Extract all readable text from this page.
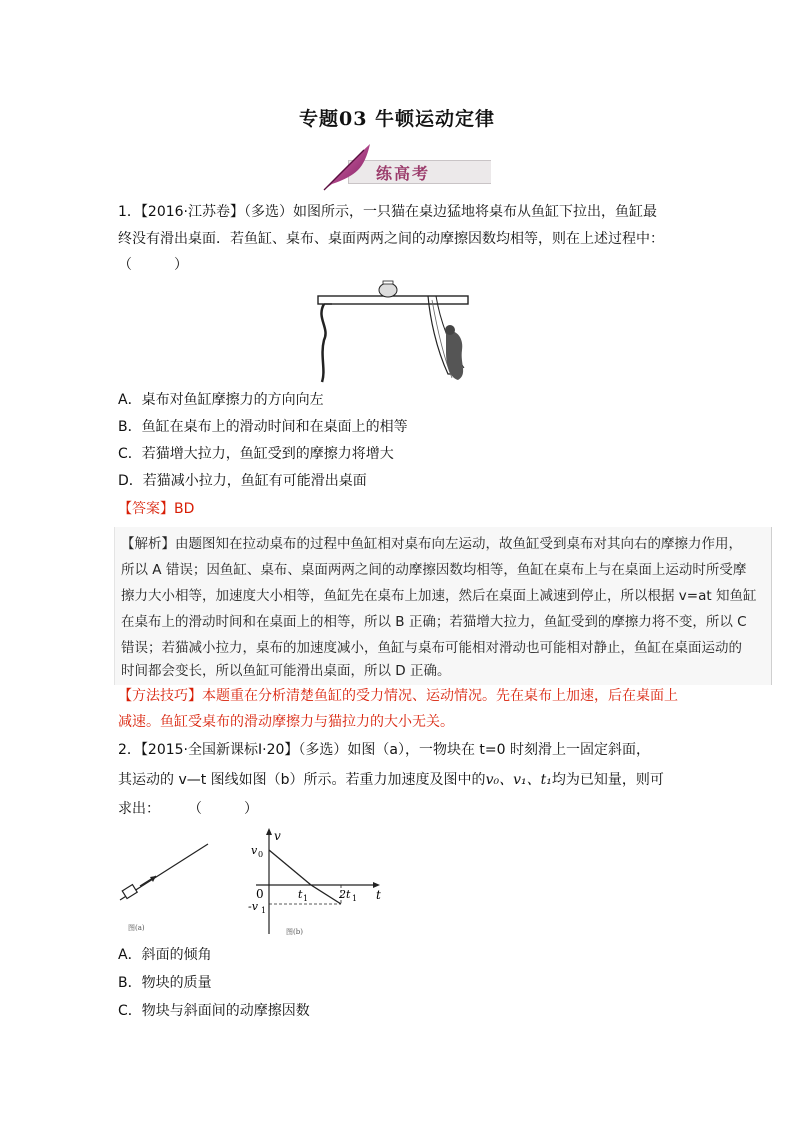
专题03 牛顿运动定律
练高考
1．【2016·江苏卷】（多选）如图所示，一只猫在桌边猛地将桌布从鱼缸下拉出，鱼缸最
终没有滑出桌面．若鱼缸、桌布、桌面两两之间的动摩擦因数均相等，则在上述过程中：
（　　　）
A．桌布对鱼缸摩擦力的方向向左
B．鱼缸在桌布上的滑动时间和在桌面上的相等
C．若猫增大拉力，鱼缸受到的摩擦力将增大
D．若猫减小拉力，鱼缸有可能滑出桌面
【答案】BD
【解析】由题图知在拉动桌布的过程中鱼缸相对桌布向左运动，故鱼缸受到桌布对其向右的摩擦力作用，
所以 A 错误；因鱼缸、桌布、桌面两两之间的动摩擦因数均相等，鱼缸在桌布上与在桌面上运动时所受摩
擦力大小相等，加速度大小相等，鱼缸先在桌布上加速，然后在桌面上减速到停止，所以根据 v=at 知鱼缸
在桌布上的滑动时间和在桌面上的相等，所以 B 正确；若猫增大拉力，鱼缸受到的摩擦力将不变，所以 C
错误；若猫减小拉力，桌布的加速度减小，鱼缸与桌布可能相对滑动也可能相对静止，鱼缸在桌面运动的
时间都会变长，所以鱼缸可能滑出桌面，所以 D 正确。
【方法技巧】本题重在分析清楚鱼缸的受力情况、运动情况。先在桌布上加速，后在桌面上
减速。鱼缸受桌布的滑动摩擦力与猫拉力的大小无关。
2．【2015·全国新课标Ⅰ·20】（多选）如图（a），一物块在 t=0 时刻滑上一固定斜面，
其运动的 v—t 图线如图（b）所示。若重力加速度及图中的v₀、v₁、t₁均为已知量，则可
求出：　　　（　　　）
图(a)
v
t
v 0
0	t 1
-v 1
2t 1
图(b)
A．斜面的倾角
B．物块的质量
C．物块与斜面间的动摩擦因数
